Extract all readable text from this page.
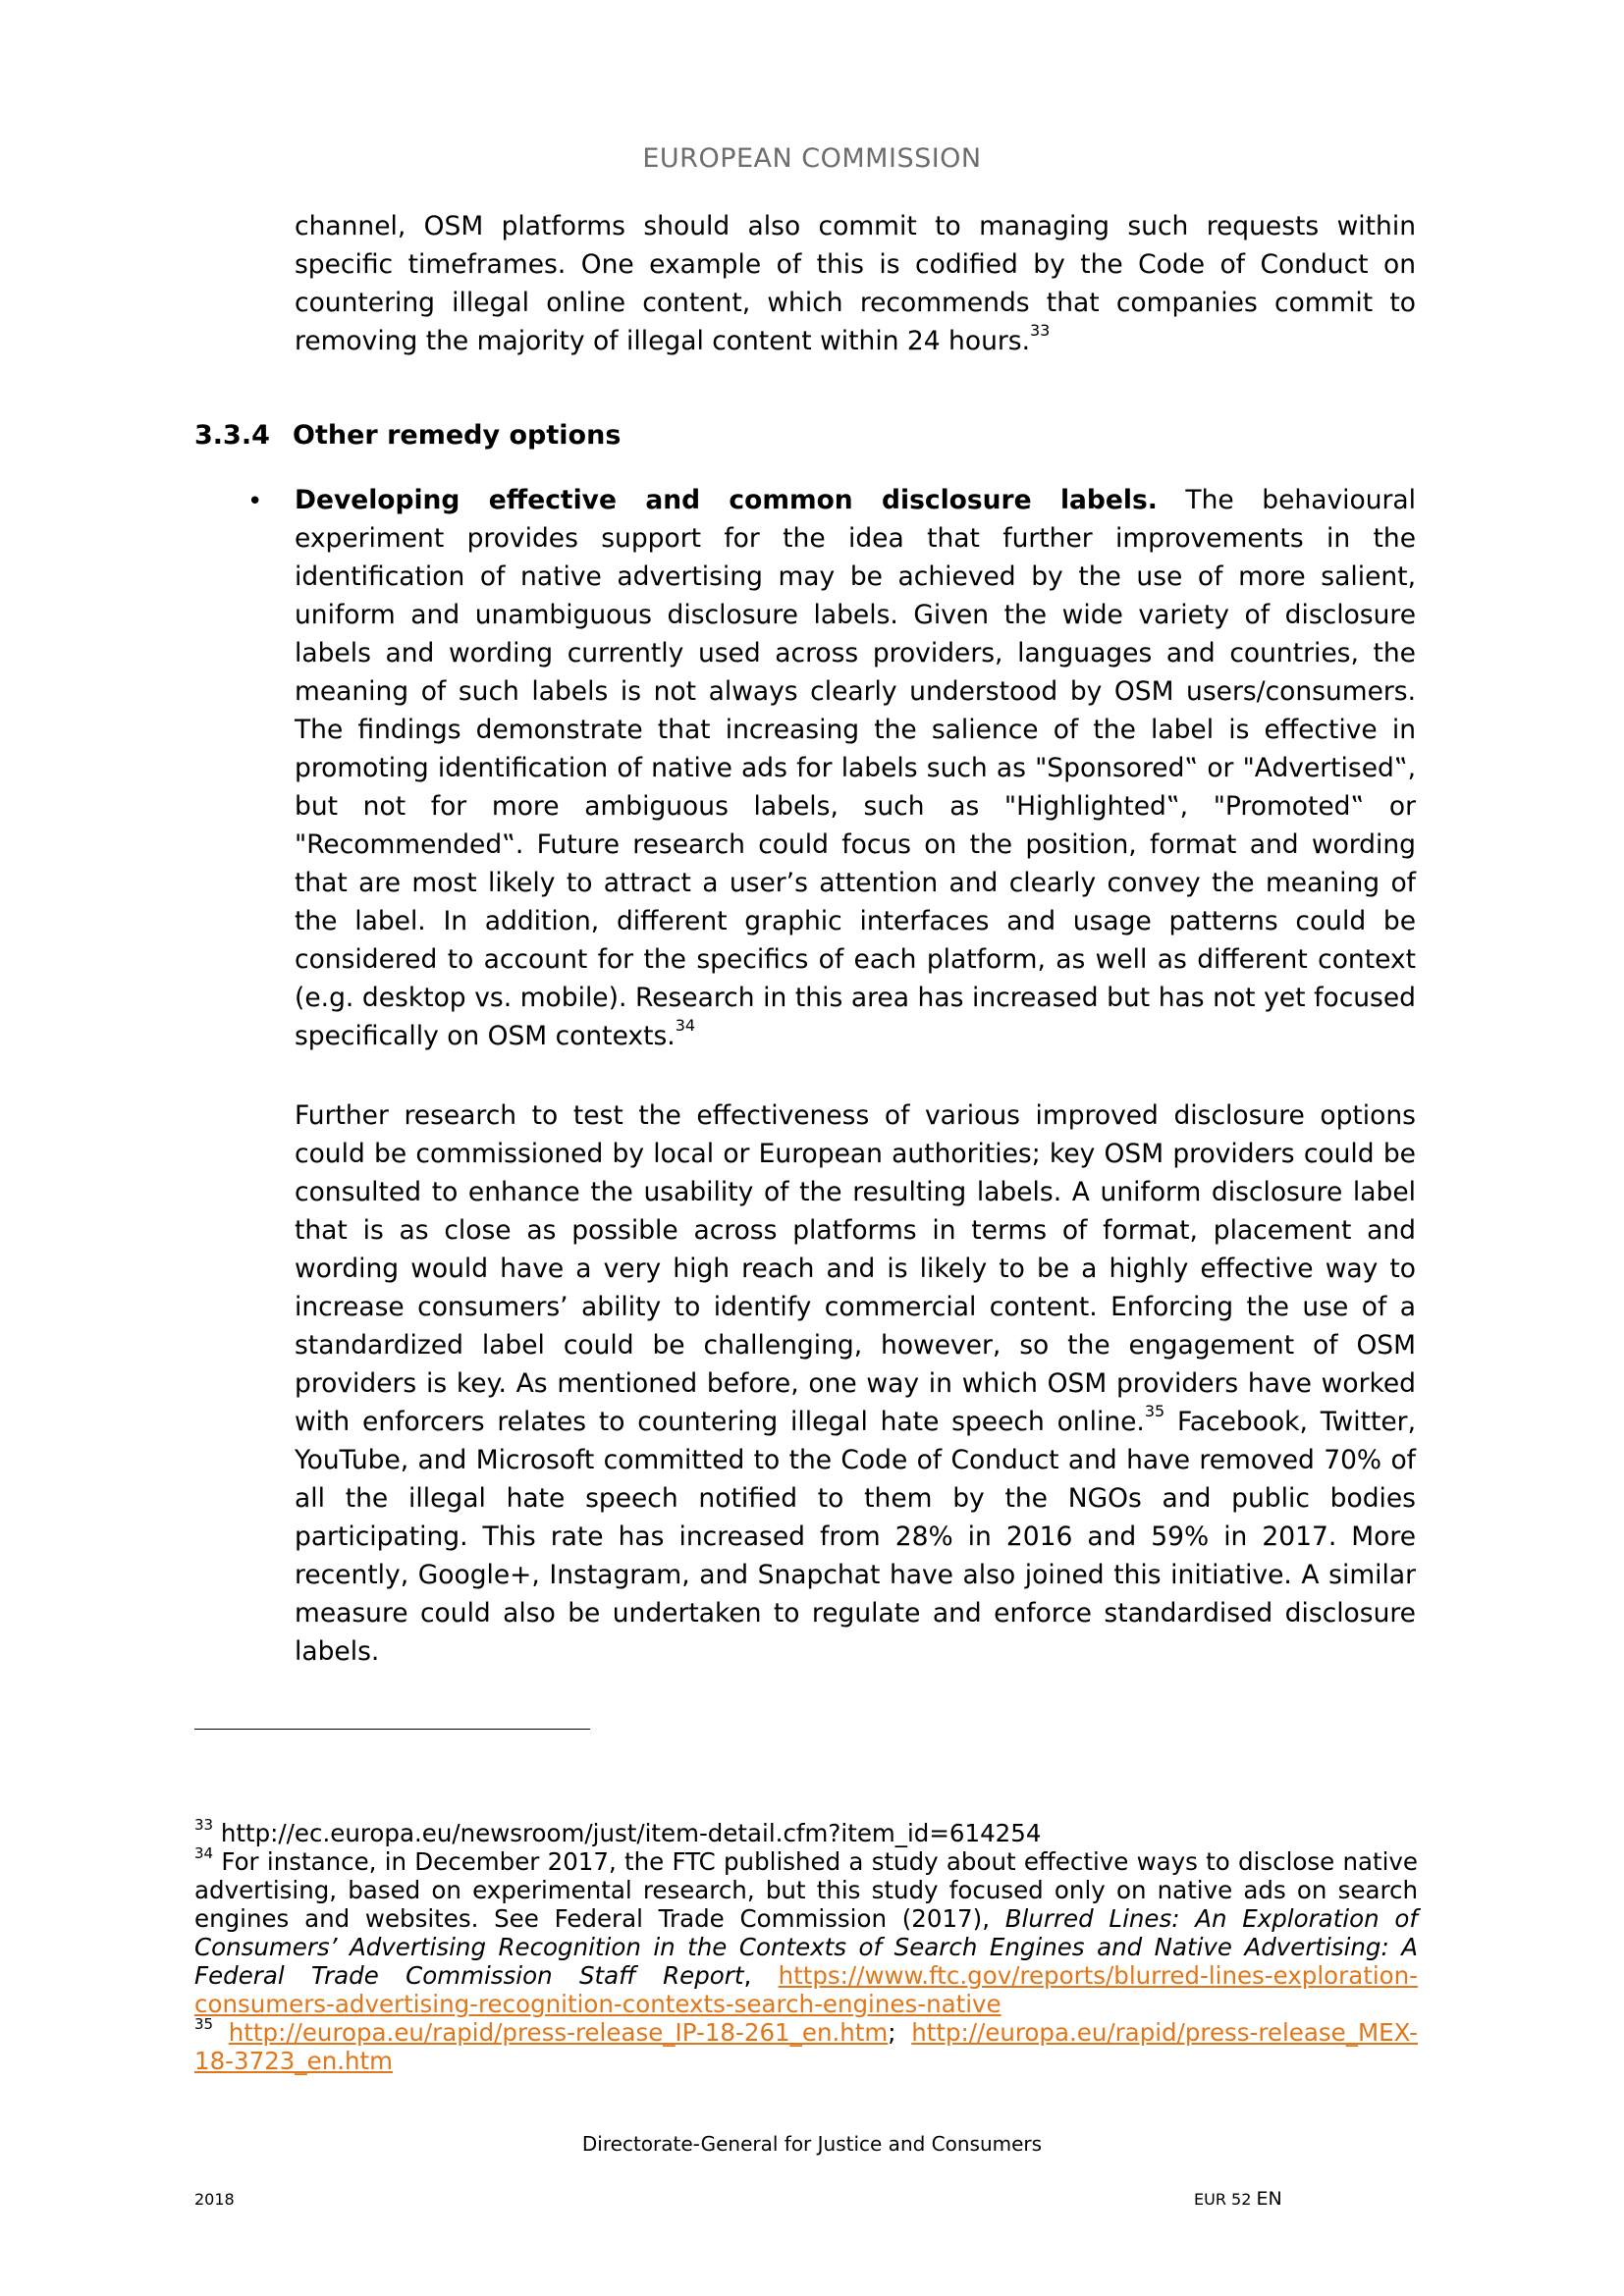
EUROPEAN COMMISSION

channel, OSM platforms should also commit to managing such requests within specific timeframes. One example of this is codified by the Code of Conduct on countering illegal online content, which recommends that companies commit to removing the majority of illegal content within 24 hours.$^{33}$

3.3.4 Other remedy options
• Developing effective and common disclosure labels. The behavioural experiment provides support for the idea that further improvements in the identification of native advertising may be achieved by the use of more salient, uniform and unambiguous disclosure labels. Given the wide variety of disclosure labels and wording currently used across providers, languages and countries, the meaning of such labels is not always clearly understood by OSM users/consumers. The findings demonstrate that increasing the salience of the label is effective in promoting identification of native ads for labels such as "Sponsored‟ or "Advertised‟, but not for more ambiguous labels, such as "Highlighted‟, "Promoted‟ or "Recommended‟. Future research could focus on the position, format and wording that are most likely to attract a user’s attention and clearly convey the meaning of the label. In addition, different graphic interfaces and usage patterns could be considered to account for the specifics of each platform, as well as different context (e.g. desktop vs. mobile). Research in this area has increased but has not yet focused specifically on OSM contexts.$^{34}$

Further research to test the effectiveness of various improved disclosure options could be commissioned by local or European authorities; key OSM providers could be consulted to enhance the usability of the resulting labels. A uniform disclosure label that is as close as possible across platforms in terms of format, placement and wording would have a very high reach and is likely to be a highly effective way to increase consumers’ ability to identify commercial content. Enforcing the use of a standardized label could be challenging, however, so the engagement of OSM providers is key. As mentioned before, one way in which OSM providers have worked with enforcers relates to countering illegal hate speech online.$^{35}$ Facebook, Twitter, YouTube, and Microsoft committed to the Code of Conduct and have removed 70% of all the illegal hate speech notified to them by the NGOs and public bodies participating. This rate has increased from 28% in 2016 and 59% in 2017. More recently, Google+, Instagram, and Snapchat have also joined this initiative. A similar measure could also be undertaken to regulate and enforce standardised disclosure labels.

$^{33}$ http://ec.europa.eu/newsroom/just/item-detail.cfm?item_id=614254

$^{34}$ For instance, in December 2017, the FTC published a study about effective ways to disclose native advertising, based on experimental research, but this study focused only on native ads on search engines and websites. See Federal Trade Commission (2017), Blurred Lines: An Exploration of Consumers’ Advertising Recognition in the Contexts of Search Engines and Native Advertising: A Federal Trade Commission Staff Report, https://www.ftc.gov/reports/blurred-lines-exploration-consumers-advertising-recognition-contexts-search-engines-native

$^{35}$ http://europa.eu/rapid/press-release_IP-18-261_en.htm; http://europa.eu/rapid/press-release_MEX-18-3723_en.htm

Directorate-General for Justice and Consumers
2018	EUR 52 EN
